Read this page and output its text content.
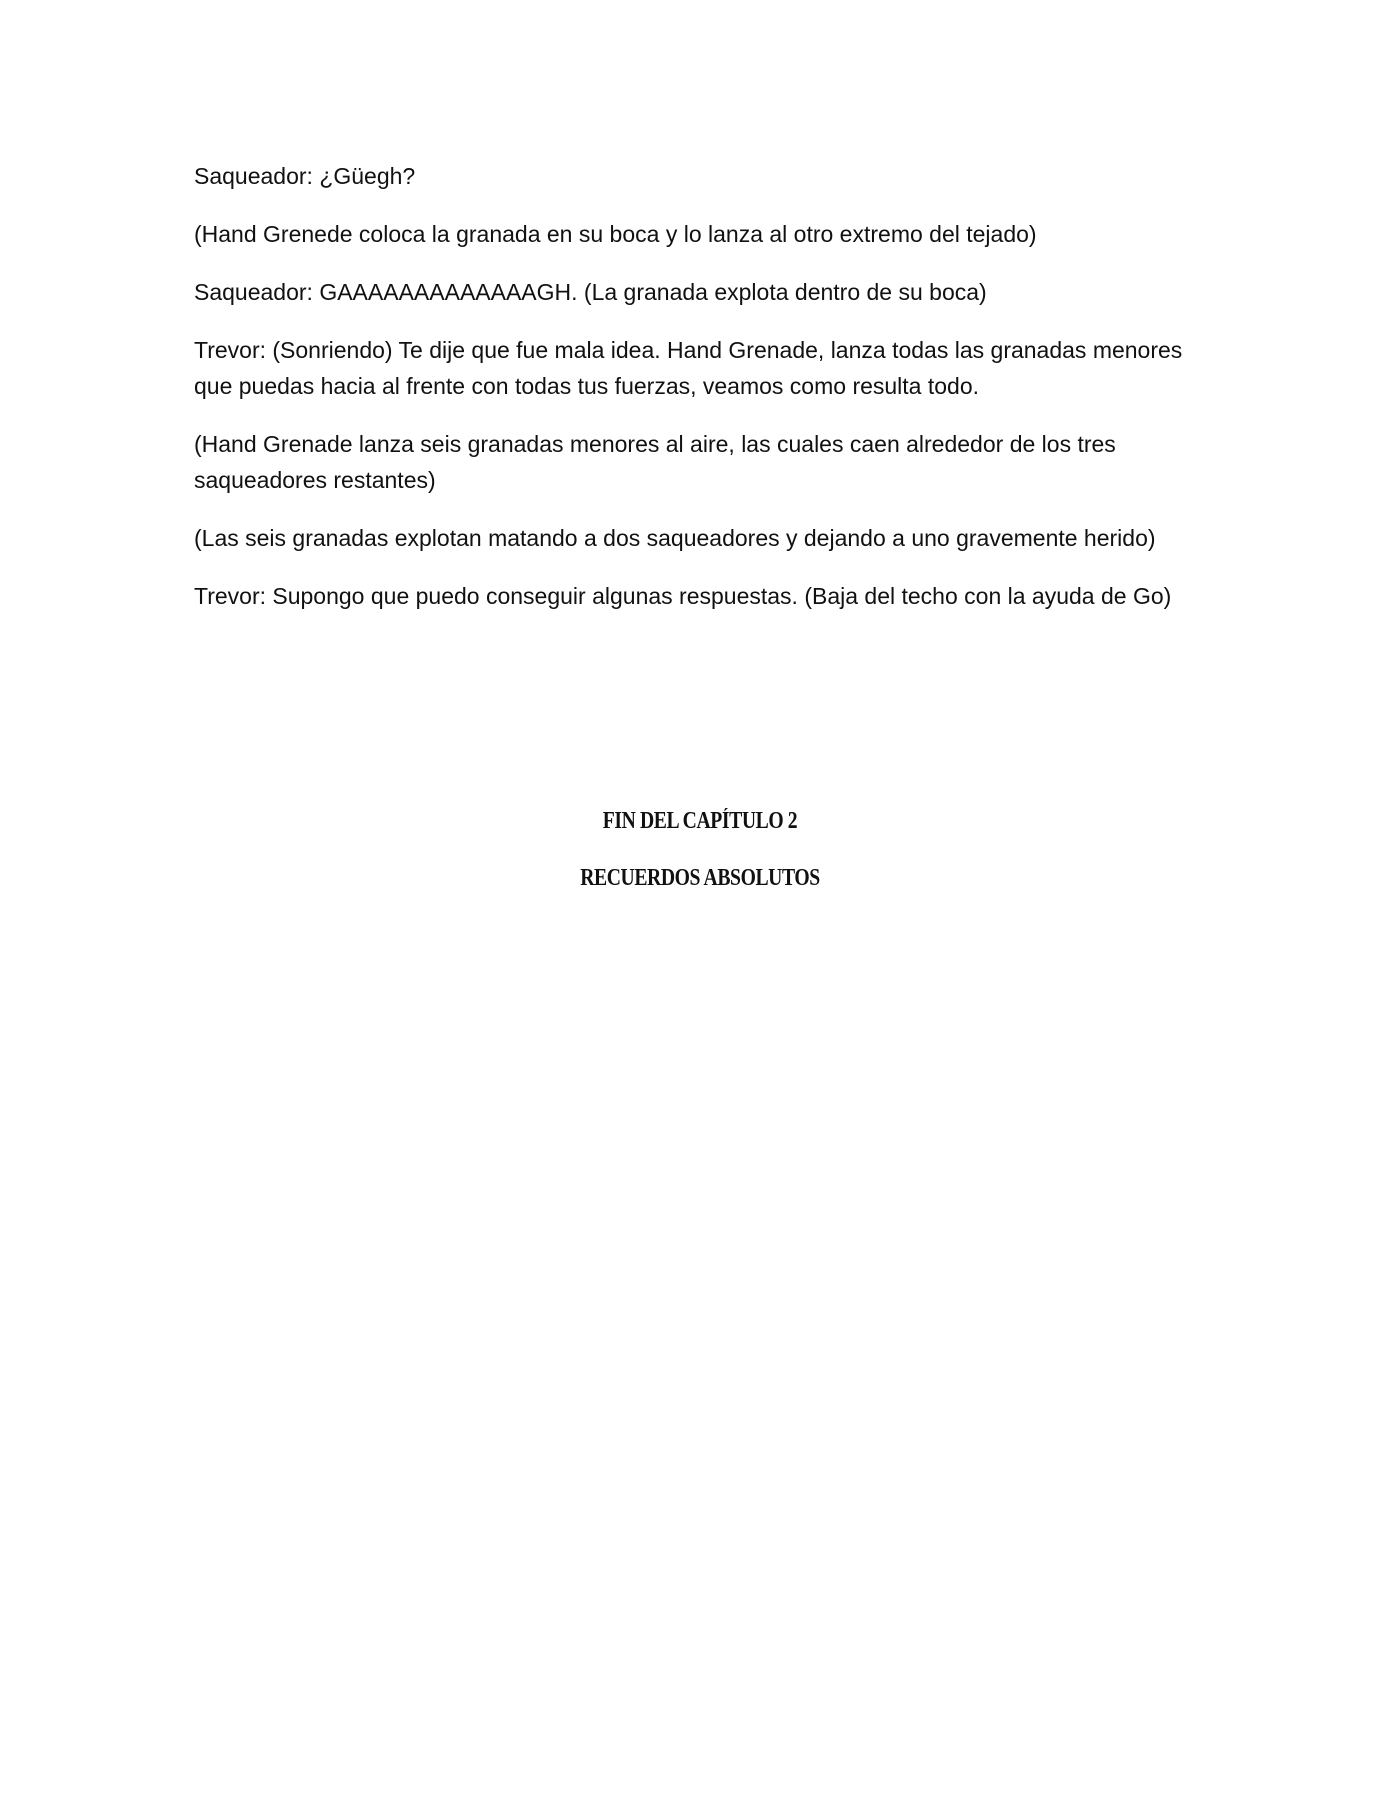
Saqueador: ¿Güegh?

(Hand Grenede coloca la granada en su boca y lo lanza al otro extremo del tejado)

Saqueador: GAAAAAAAAAAAAAGH. (La granada explota dentro de su boca)

Trevor: (Sonriendo) Te dije que fue mala idea. Hand Grenade, lanza todas las granadas menores que puedas hacia al frente con todas tus fuerzas, veamos como resulta todo.

(Hand Grenade lanza seis granadas menores al aire, las cuales caen alrededor de los tres saqueadores restantes)

(Las seis granadas explotan matando a dos saqueadores y dejando a uno gravemente herido)

Trevor: Supongo que puedo conseguir algunas respuestas. (Baja del techo con la ayuda de Go)

FIN DEL CAPÍTULO 2
RECUERDOS ABSOLUTOS
